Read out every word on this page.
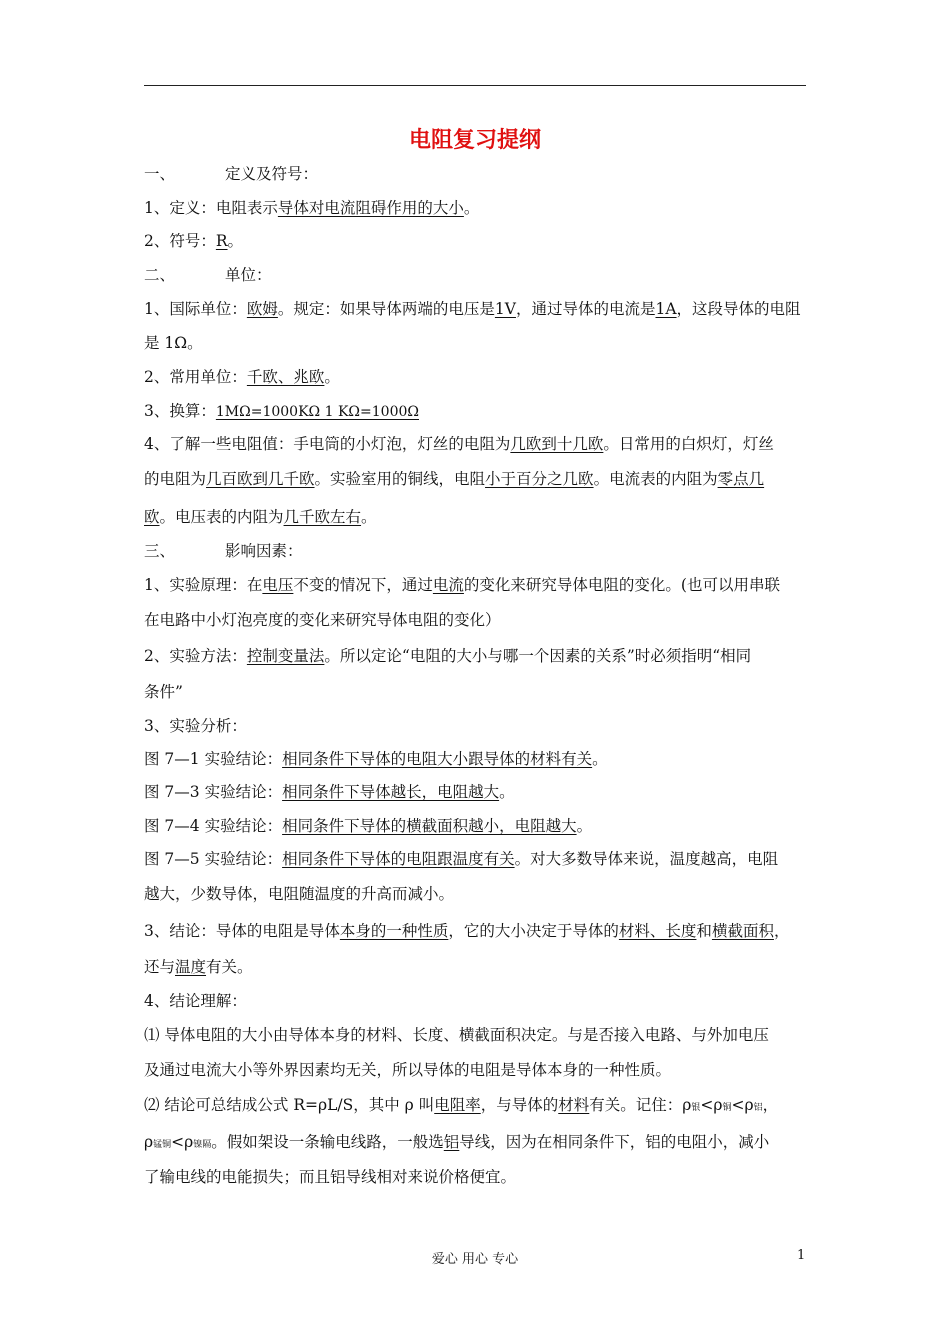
电阻复习提纲
一、	定义及符号：
1、定义：电阻表示导体对电流阻碍作用的大小。
2、符号：R。
二、	单位：
1、国际单位：欧姆。规定：如果导体两端的电压是1V，通过导体的电流是1A，这段导体的电阻
是 1Ω。
2、常用单位：千欧、兆欧。
3、换算：1MΩ=1000KΩ 1 KΩ=1000Ω
4、了解一些电阻值：手电筒的小灯泡，灯丝的电阻为几欧到十几欧。日常用的白炽灯，灯丝
的电阻为几百欧到几千欧。实验室用的铜线，电阻小于百分之几欧。电流表的内阻为零点几
欧。电压表的内阻为几千欧左右。
三、	影响因素：
1、实验原理：在电压不变的情况下，通过电流的变化来研究导体电阻的变化。(也可以用串联
在电路中小灯泡亮度的变化来研究导体电阻的变化）
2、实验方法：控制变量法。所以定论“电阻的大小与哪一个因素的关系”时必须指明“相同
条件”
3、实验分析：
图 7—1 实验结论：相同条件下导体的电阻大小跟导体的材料有关。
图 7—3 实验结论：相同条件下导体越长，电阻越大。
图 7—4 实验结论：相同条件下导体的横截面积越小，电阻越大。
图 7—5 实验结论：相同条件下导体的电阻跟温度有关。对大多数导体来说，温度越高，电阻
越大，少数导体，电阻随温度的升高而减小。
3、结论：导体的电阻是导体本身的一种性质，它的大小决定于导体的材料、长度和横截面积，
还与温度有关。
4、结论理解：
⑴ 导体电阻的大小由导体本身的材料、长度、横截面积决定。与是否接入电路、与外加电压
及通过电流大小等外界因素均无关，所以导体的电阻是导体本身的一种性质。
⑵ 结论可总结成公式 R=ρL/S，其中 ρ 叫电阻率，与导体的材料有关。记住：ρ银<ρ铜<ρ铝，
ρ锰铜<ρ镍隔。假如架设一条输电线路，一般选铝导线，因为在相同条件下，铝的电阻小，减小
了输电线的电能损失；而且铝导线相对来说价格便宜。
爱心 用心 专心	1
